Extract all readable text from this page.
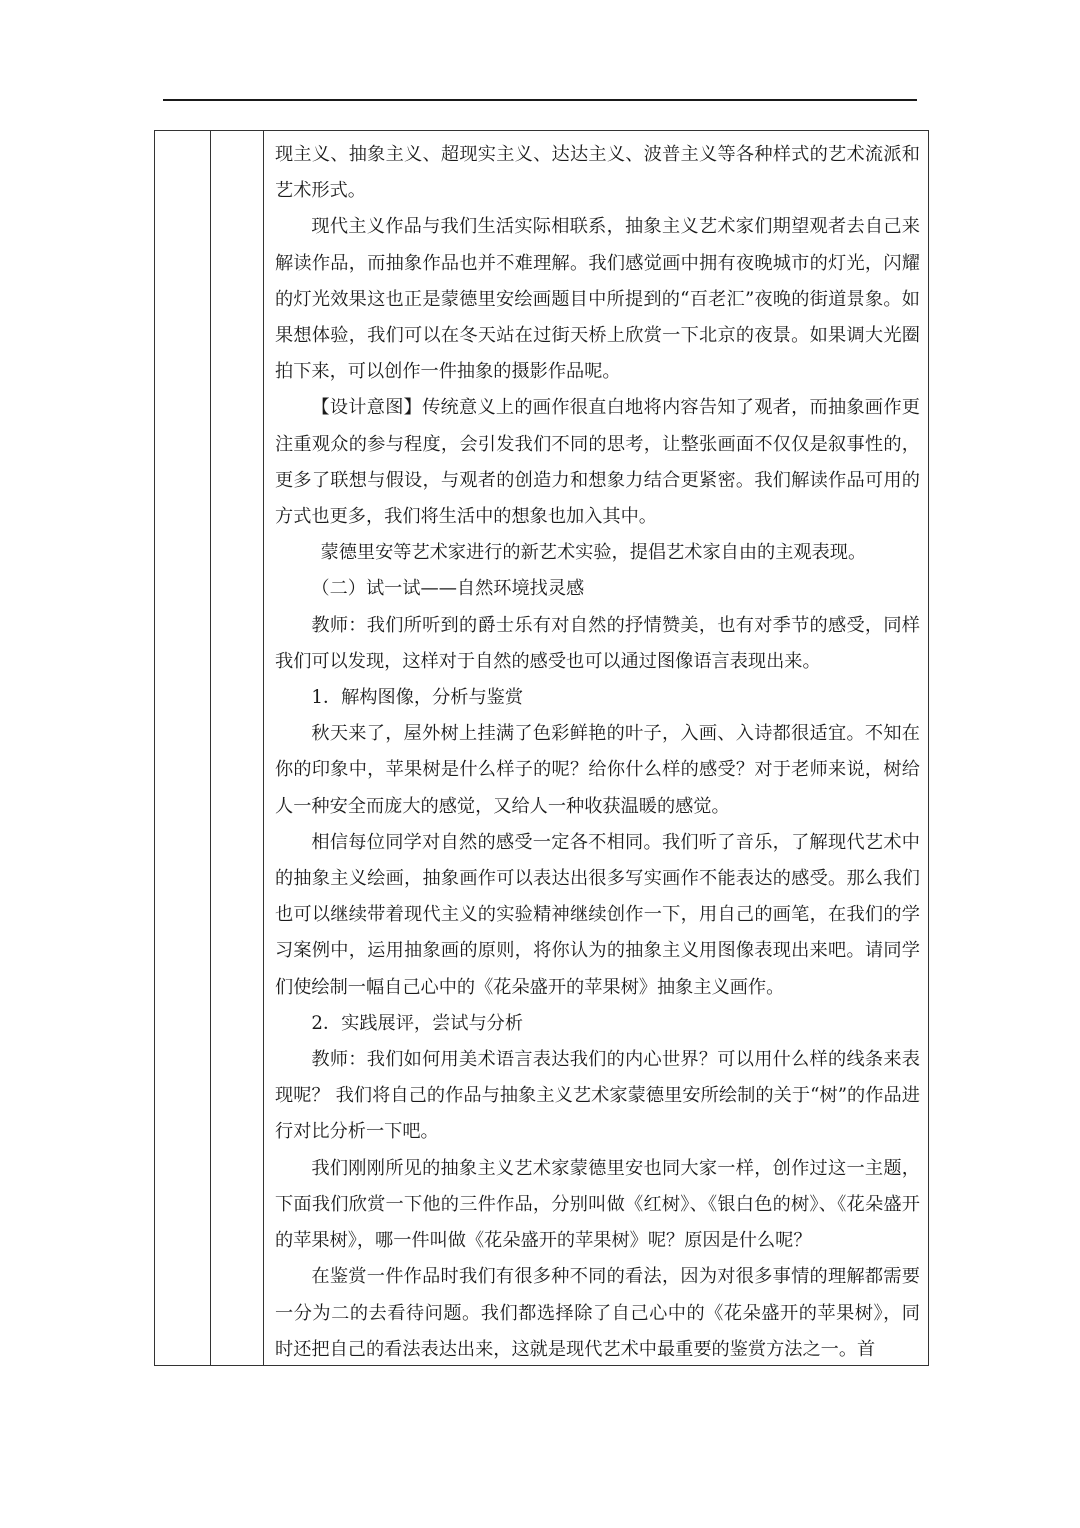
现主义、抽象主义、超现实主义、达达主义、波普主义等各种样式的艺术流派和艺术形式。

现代主义作品与我们生活实际相联系，抽象主义艺术家们期望观者去自己来解读作品，而抽象作品也并不难理解。我们感觉画中拥有夜晚城市的灯光，闪耀的灯光效果这也正是蒙德里安绘画题目中所提到的“百老汇”夜晚的街道景象。如果想体验，我们可以在冬天站在过街天桥上欣赏一下北京的夜景。如果调大光圈拍下来，可以创作一件抽象的摄影作品呢。

【设计意图】传统意义上的画作很直白地将内容告知了观者，而抽象画作更注重观众的参与程度，会引发我们不同的思考，让整张画面不仅仅是叙事性的，更多了联想与假设，与观者的创造力和想象力结合更紧密。我们解读作品可用的方式也更多，我们将生活中的想象也加入其中。

蒙德里安等艺术家进行的新艺术实验，提倡艺术家自由的主观表现。

（二）试一试——自然环境找灵感

教师：我们所听到的爵士乐有对自然的抒情赞美，也有对季节的感受，同样我们可以发现，这样对于自然的感受也可以通过图像语言表现出来。

1．解构图像，分析与鉴赏

秋天来了，屋外树上挂满了色彩鲜艳的叶子，入画、入诗都很适宜。不知在你的印象中，苹果树是什么样子的呢？给你什么样的感受？对于老师来说，树给人一种安全而庞大的感觉，又给人一种收获温暖的感觉。

相信每位同学对自然的感受一定各不相同。我们听了音乐，了解现代艺术中的抽象主义绘画，抽象画作可以表达出很多写实画作不能表达的感受。那么我们也可以继续带着现代主义的实验精神继续创作一下，用自己的画笔，在我们的学习案例中，运用抽象画的原则，将你认为的抽象主义用图像表现出来吧。请同学们使绘制一幅自己心中的《花朵盛开的苹果树》抽象主义画作。

2．实践展评，尝试与分析

教师：我们如何用美术语言表达我们的内心世界？可以用什么样的线条来表现呢？ 我们将自己的作品与抽象主义艺术家蒙德里安所绘制的关于“树”的作品进行对比分析一下吧。

我们刚刚所见的抽象主义艺术家蒙德里安也同大家一样，创作过这一主题，下面我们欣赏一下他的三件作品，分别叫做《红树》、《银白色的树》、《花朵盛开的苹果树》，哪一件叫做《花朵盛开的苹果树》呢？原因是什么呢？

在鉴赏一件作品时我们有很多种不同的看法，因为对很多事情的理解都需要一分为二的去看待问题。我们都选择除了自己心中的《花朵盛开的苹果树》，同时还把自己的看法表达出来，这就是现代艺术中最重要的鉴赏方法之一。首
